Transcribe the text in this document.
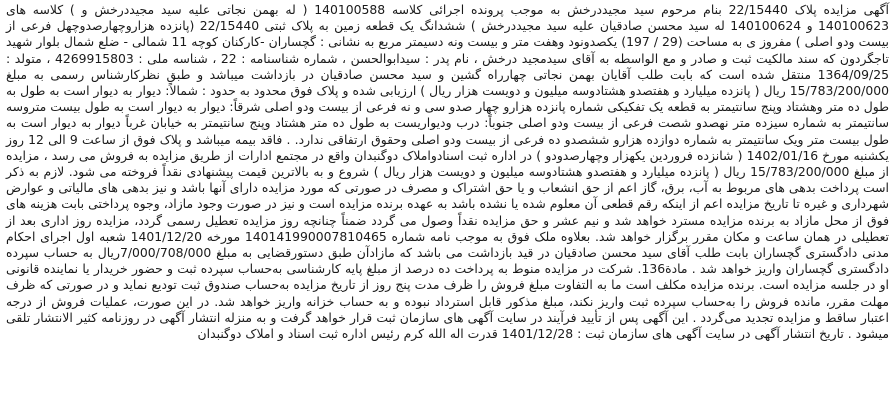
آگهی مزایده پلاک 22/15440 بنام مرحوم سید مجیددرخش به موجب پرونده اجرائی کلاسه 140100588 ( له بهمن نجاتی علیه سید مجیددرخش و ) کلاسه های 140100623 و 140100624 له سید محسن صادقیان علیه سید مجیددرخش ) ششدانگ یک قطعه زمین به پلاک ثبتی 22/15440 (پانزده هزاروچهارصدوچهل فرعی از بیست ودو اصلی ) مفروز ی به مساحت (29 / 197) یکصدونود وهفت متر و بیست ونه دسیمتر مربع به نشانی : گچساران -کارکنان کوچه 11 شمالی - ضلع شمال بلوار شهید تاجگردون که سند مالکیت ثبت و صادر و مع الواسطه به آقای سیدمجید درخش ، نام پدر : سیدابوالحسن ، شماره شناسنامه : 22 ، شناسه ملی : 4269915803 ، متولد : 1364/09/25 منتقل شده است که بابت طلب آقایان بهمن نجاتی چهارراه گشین و سید محسن صادقیان در بازداشت میباشد و طبق نظرکارشناس رسمی به مبلغ 15/783/200/000 ریال ( پانزده میلیارد و هفتصدو هشتادوسه میلیون و دویست هزار ریال ) ارزیابی شده و پلاک فوق محدود به حدود : شمالاً: دیوار به دیوار است به طول به طول ده متر وهشتاد وپنج سانتیمتر به قطعه یک تفکیکی شماره پانزده هزارو چهار صدو سی و نه فرعی از بیست ودو اصلی شرقاً: دیوار به دیوار است به طول بیست متروسه سانتیمتر به شماره سیزده متر نهصدو شصت فرعی از بیست ودو اصلی جنوباً: درب ودیواریست به طول ده متر هشتاد وپنج سانتیمتر به خیابان غرباً دیوار به دیوار است به طول بیست متر ویک سانتیمتر به شماره دوازده هزارو ششصدو ده فرعی از بیست ودو اصلی وحقوق ارتفاقی ندارد. . فاقد بیمه میباشد و پلاک فوق از ساعت 9 الی 12 روز یکشنبه مورخ 1402/01/16 ( شانزده فروردین یکهزار وچهارصدودو ) در اداره ثبت اسنادواملاک دوگنبدان واقع در مجتمع ادارات از طریق مزایده به فروش می رسد ، مزایده از مبلغ 15/783/200/000 ریال ( پانزده میلیارد و هفتصدو هشتادوسه میلیون و دویست هزار ریال ) شروع و به بالاترین قیمت پیشنهادی نقداً فروخته می شود. لازم به ذکر است پرداخت بدهی های مربوط به آب، برق، گاز اعم از حق انشعاب و یا حق اشتراک و مصرف در صورتی که مورد مزایده دارای آنها باشد و نیز بدهی های مالیاتی و عوارض شهرداری و غیره تا تاریخ مزایده اعم از اینکه رقم قطعی آن معلوم شده یا نشده باشد به عهده برنده مزایده است و نیز در صورت وجود مازاد، وجوه پرداختی بابت هزینه های فوق از محل مازاد به برنده مزایده مسترد خواهد شد و نیم عشر و حق مزایده نقداً وصول می گردد ضمناً چنانچه روز مزایده تعطیل رسمی گردد، مزایده روز اداری بعد از تعطیلی در همان ساعت و مکان مقرر برگزار خواهد شد. بعلاوه ملک فوق به موجب نامه شماره 140141990007810465 مورخه 1401/12/20 شعبه اول اجرای احکام مدنی دادگستری گچساران بابت طلب آقای سید محسن صادقیان در قید بازداشت می باشد که مازادآن طبق دستورقضایی به مبلغ 7/000/708/000ریال به حساب سپرده دادگستری گچساران واریز خواهد شد . مادة136. شرکت در مزایده منوط به پرداخت ده درصد از مبلغ پایه کارشناسی به‌حساب سپرده ثبت و حضور خریدار یا نماینده قانونی او در جلسه مزایده است. برنده مزایده مکلف است ما به التفاوت مبلغ فروش را ظرف مدت پنج روز از تاریخ مزایده به‌حساب صندوق ثبت تودیع نماید و در صورتی که ظرف مهلت مقرر، مانده فروش را به‌حساب سپرده ثبت واریز نکند، مبلغ مذکور قابل استرداد نبوده و به حساب خزانه واریز خواهد شد. در این صورت، عملیات فروش از درجه اعتبار ساقط و مزایده تجدید می‌گردد . این آگهی پس از تأیید فرآیند در سایت آگهی های سازمان ثبت قرار خواهد گرفت و به منزله انتشار آگهی در روزنامه کثیر الانتشار تلقی میشود . تاریخ انتشار آگهی در سایت آگهی های سازمان ثبت : 1401/12/28 قدرت اله الله کرم رئیس اداره ثبت اسناد و املاک دوگنبدان
